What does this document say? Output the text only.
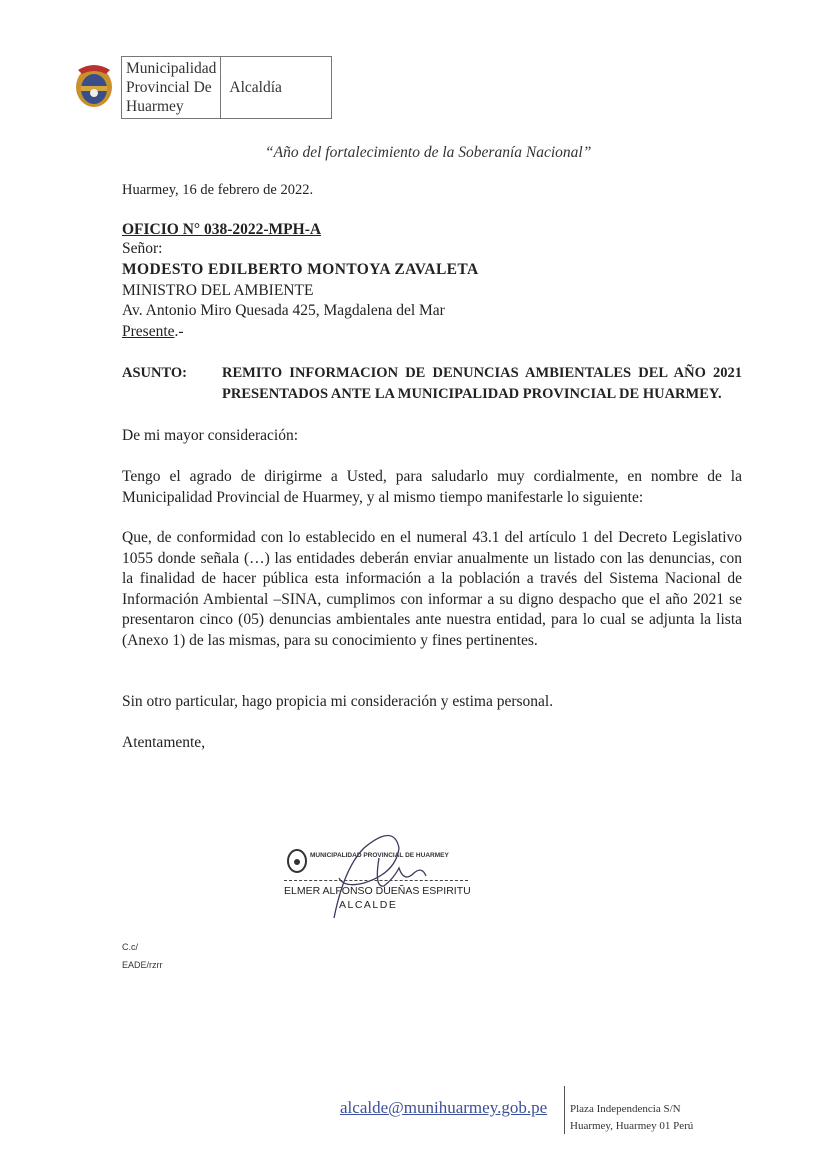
Municipalidad
Provincial De
Huarmey	Alcaldía
“Año del fortalecimiento de la Soberanía Nacional”
Huarmey, 16 de febrero de 2022.
OFICIO N° 038-2022-MPH-A
Señor:
MODESTO EDILBERTO MONTOYA ZAVALETA
MINISTRO DEL AMBIENTE
Av. Antonio Miro Quesada 425, Magdalena del Mar
Presente.-
ASUNTO: REMITO INFORMACION DE DENUNCIAS AMBIENTALES DEL AÑO 2021 PRESENTADOS ANTE LA MUNICIPALIDAD PROVINCIAL DE HUARMEY.
De mi mayor consideración:
Tengo el agrado de dirigirme a Usted, para saludarlo muy cordialmente, en nombre de la Municipalidad Provincial de Huarmey, y al mismo tiempo manifestarle lo siguiente:
Que, de conformidad con lo establecido en el numeral 43.1 del artículo 1 del Decreto Legislativo 1055 donde señala (…) las entidades deberán enviar anualmente un listado con las denuncias, con la finalidad de hacer pública esta información a la población a través del Sistema Nacional de Información Ambiental –SINA, cumplimos con informar a su digno despacho que el año 2021 se presentaron cinco (05) denuncias ambientales ante nuestra entidad, para lo cual se adjunta la lista (Anexo 1) de las mismas, para su conocimiento y fines pertinentes.
Sin otro particular, hago propicia mi consideración y estima personal.
Atentamente,
MUNICIPALIDAD PROVINCIAL DE HUARMEY
ELMER ALFONSO DUEÑAS ESPIRITU
ALCALDE
C.c/
EADE/rzrr
alcalde@munihuarmey.gob.pe Plaza Independencia S/N
Huarmey, Huarmey 01 Perú
